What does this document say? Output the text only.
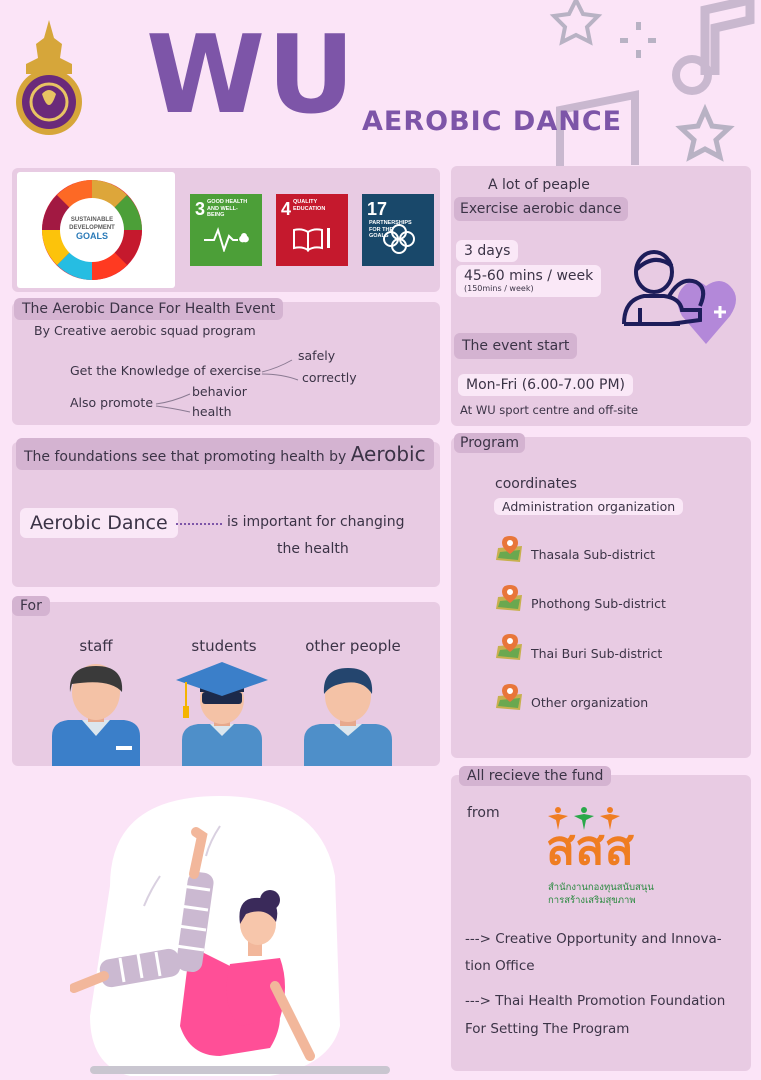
WU AEROBIC DANCE
SUSTAINABLE
DEVELOPMENT
GOALS
3 GOOD HEALTH AND WELL-BEING	4 QUALITY EDUCATION	17PARTNERSHIPS FOR THE GOALS
The Aerobic Dance For Health Event
By Creative aerobic squad program
Get the Knowledge of exercise
safely
correctly
Also promote
behavior
health
The foundations see that promoting health by Aerobic
Aerobic Dance	is important for changing
the health
For
staff	students	other people
A lot of peaple
Exercise aerobic dance
3 days
45-60 mins / week
(150mins / week)
The event start
Mon-Fri (6.00-7.00 PM)
At WU sport centre and off-site
Program
coordinates
Administration organization
Thasala Sub-district
Phothong Sub-district
Thai Buri Sub-district
Other organization
All recieve the fund
from
สสส
สำนักงานกองทุนสนับสนุน
การสร้างเสริมสุขภาพ
---> Creative Opportunity and Innova-
tion Office
---> Thai Health Promotion Foundation
For Setting The Program
